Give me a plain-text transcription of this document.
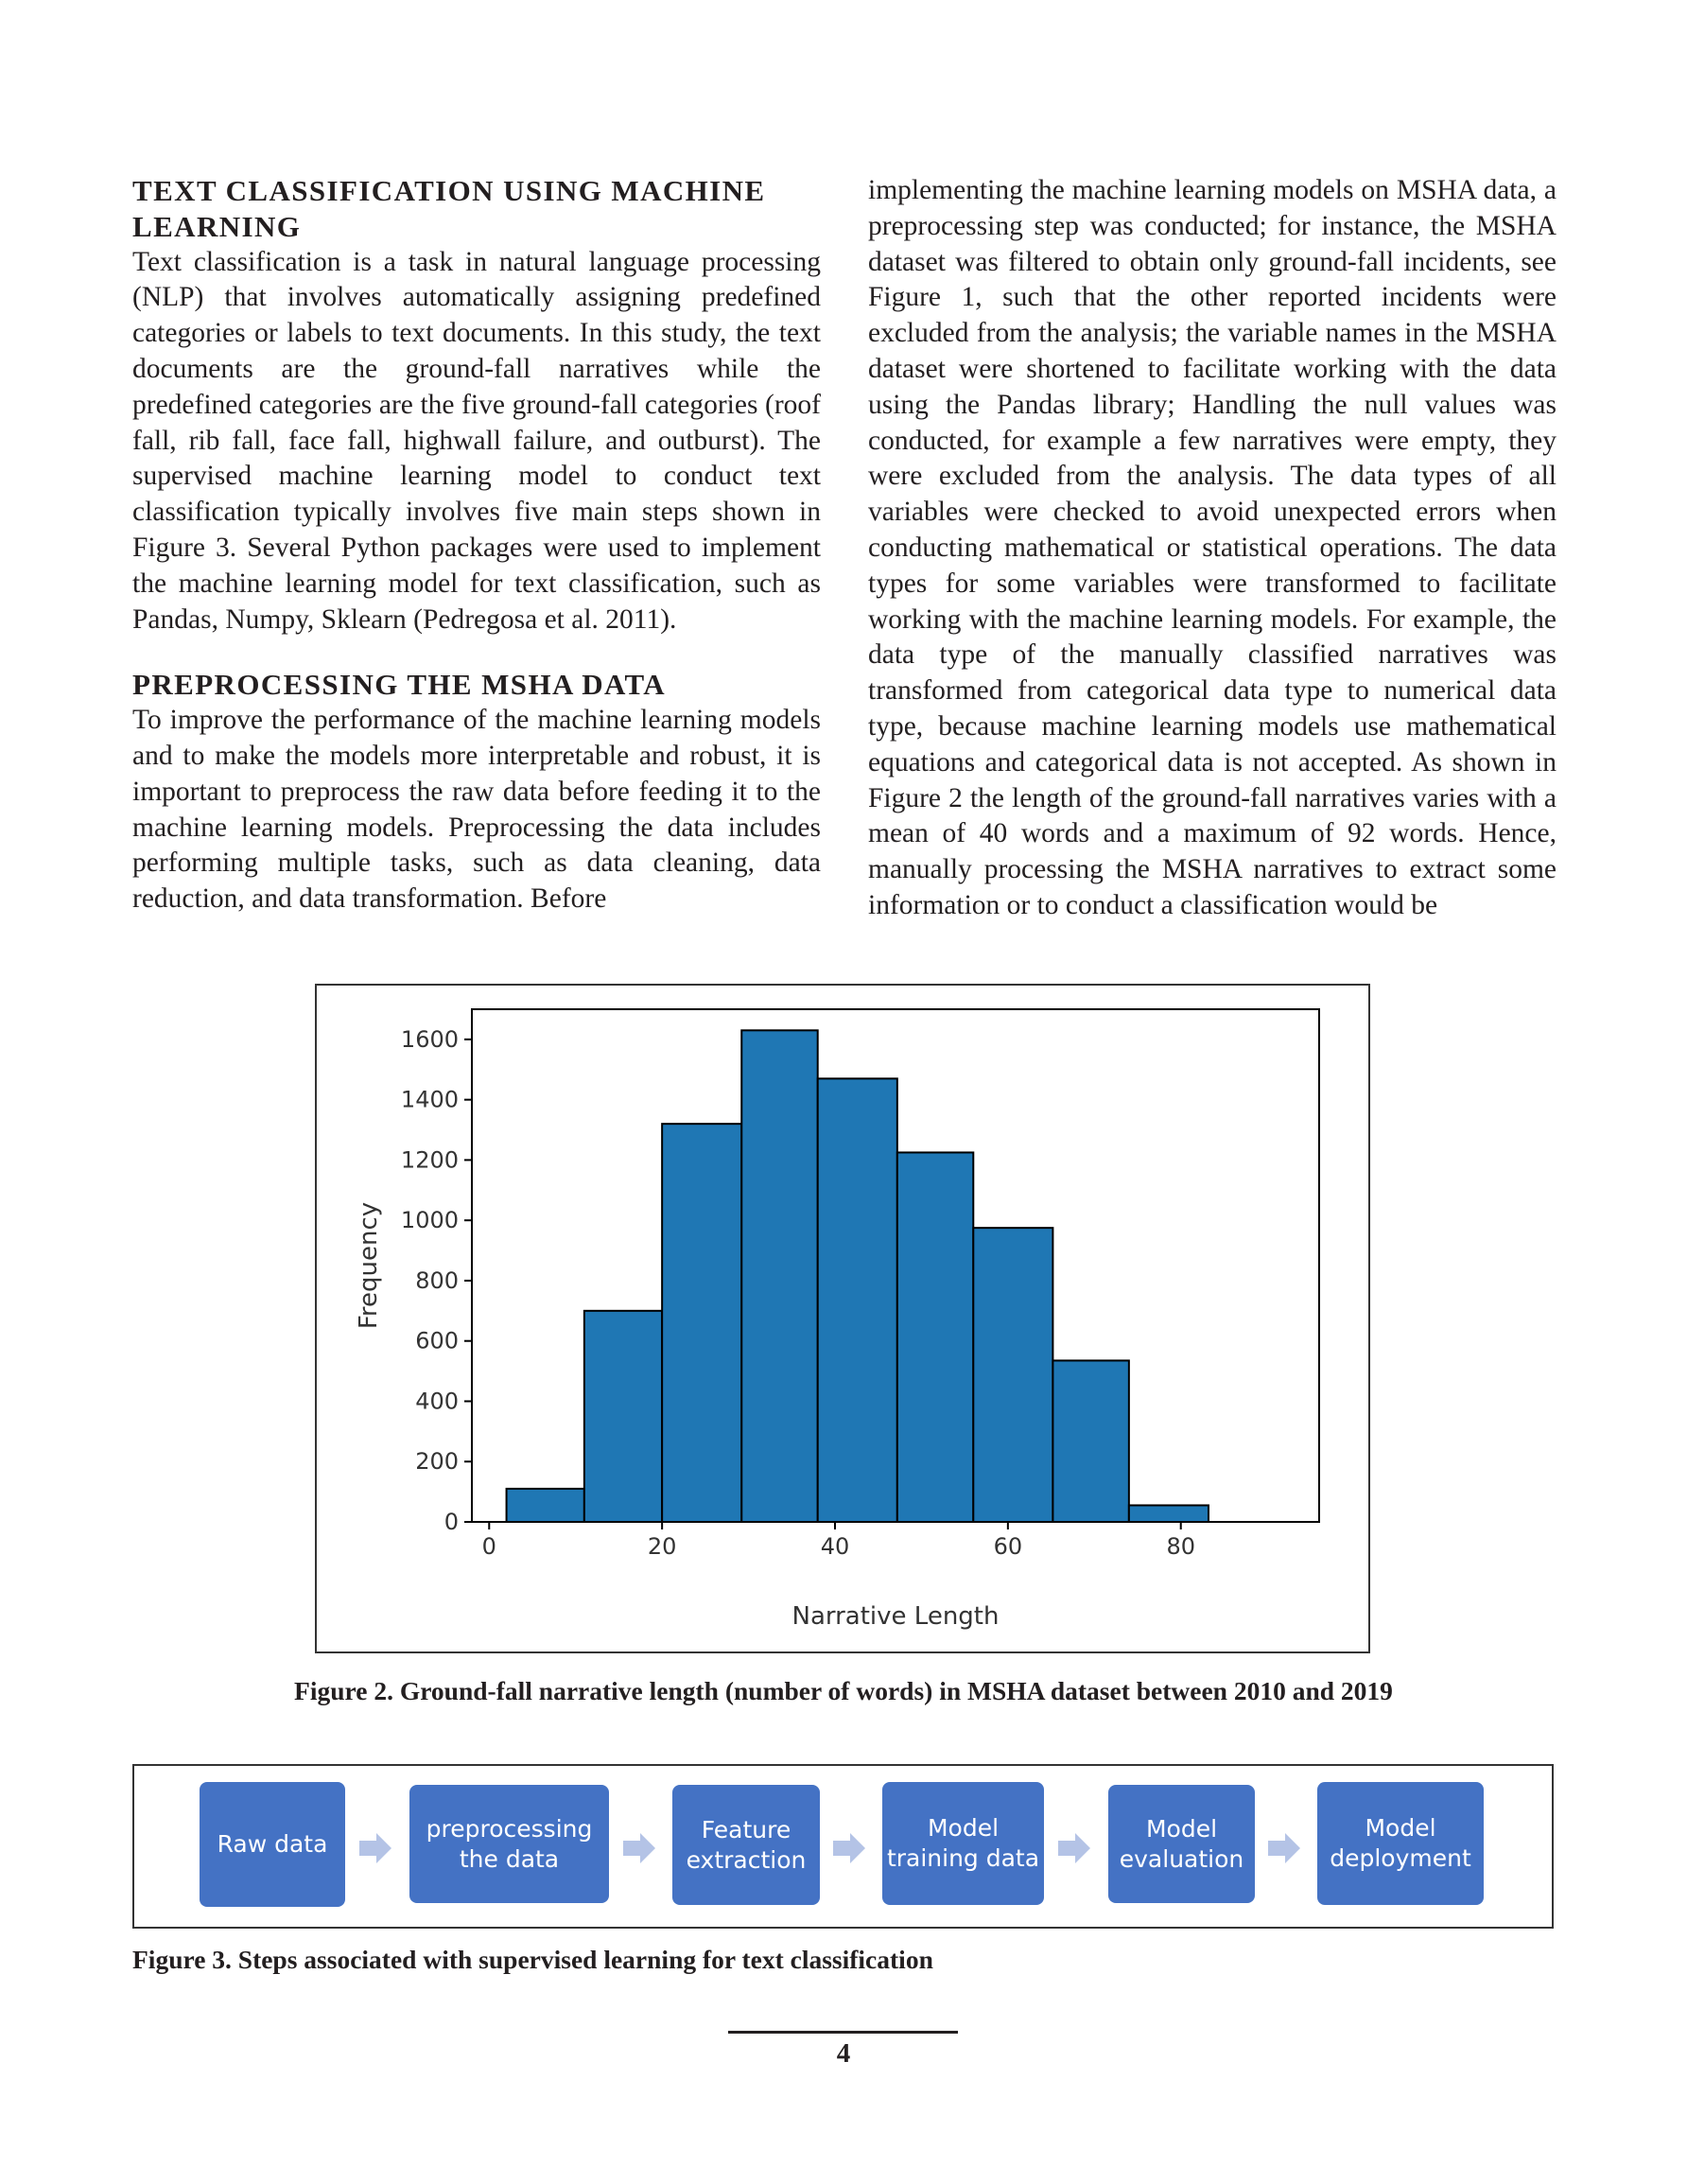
TEXT CLASSIFICATION USING MACHINE LEARNING

Text classification is a task in natural language processing (NLP) that involves automatically assigning predefined categories or labels to text documents. In this study, the text documents are the ground-fall narratives while the predefined categories are the five ground-fall categories (roof fall, rib fall, face fall, highwall failure, and outburst). The supervised machine learning model to conduct text classification typically involves five main steps shown in Figure 3. Several Python packages were used to implement the machine learning model for text classification, such as Pandas, Numpy, Sklearn (Pedregosa et al. 2011).

PREPROCESSING THE MSHA DATA

To improve the performance of the machine learning models and to make the models more interpretable and robust, it is important to preprocess the raw data before feeding it to the machine learning models. Preprocessing the data includes performing multiple tasks, such as data cleaning, data reduction, and data transformation. Before

implementing the machine learning models on MSHA data, a preprocessing step was conducted; for instance, the MSHA dataset was filtered to obtain only ground-fall incidents, see Figure 1, such that the other reported incidents were excluded from the analysis; the variable names in the MSHA dataset were shortened to facilitate working with the data using the Pandas library; Handling the null values was conducted, for example a few narratives were empty, they were excluded from the analysis. The data types of all variables were checked to avoid unexpected errors when conducting mathematical or statistical operations. The data types for some variables were transformed to facilitate working with the machine learning models. For example, the data type of the manually classified narratives was transformed from categorical data type to numerical data type, because machine learning models use mathematical equations and categorical data is not accepted. As shown in Figure 2 the length of the ground-fall narratives varies with a mean of 40 words and a maximum of 92 words. Hence, manually processing the MSHA narratives to extract some information or to conduct a classification would be

0	20	40	60	80
0
200
400
600
800
1000
1200
1400
1600
Narrative Length
Frequency
Figure 2. Ground-fall narrative length (number of words) in MSHA dataset between 2010 and 2019
Raw data
preprocessing
the data
Feature
extraction
Model
training data
Model
evaluation
Model
deployment
Figure 3. Steps associated with supervised learning for text classification
4
